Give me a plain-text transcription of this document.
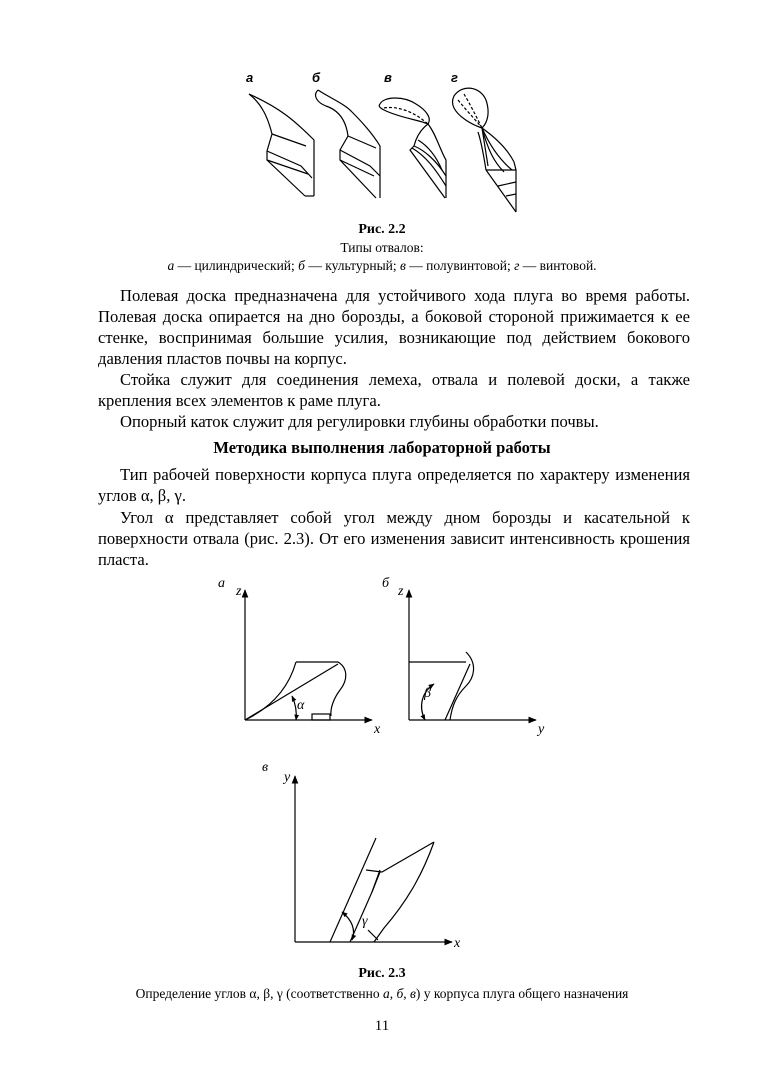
а	б	в	г
Рис. 2.2
Типы отвалов:
а — цилиндрический; б — культурный; в — полувинтовой; г — винтовой.

Полевая доска предназначена для устойчивого хода плуга во время работы. Полевая доска опирается на дно борозды, а боковой стороной прижимается к ее стенке, воспринимая большие усилия, возникающие под действием бокового давления пластов почвы на корпус.

Стойка служит для соединения лемеха, отвала и полевой доски, а также крепления всех элементов к раме плуга.

Опорный каток служит для регулировки глубины обработки почвы.

Методика выполнения лабораторной работы

Тип рабочей поверхности корпуса плуга определяется по характеру изменения углов α, β, γ.

Угол α представляет собой угол между дном борозды и касательной к поверхности отвала (рис. 2.3). От его изменения зависит интенсивность крошения пласта.

а
z
x
α
б
z
y
β
в
y
x
γ
Рис. 2.3
Определение углов α, β, γ (соответственно а, б, в) у корпуса плуга общего назначения
11
